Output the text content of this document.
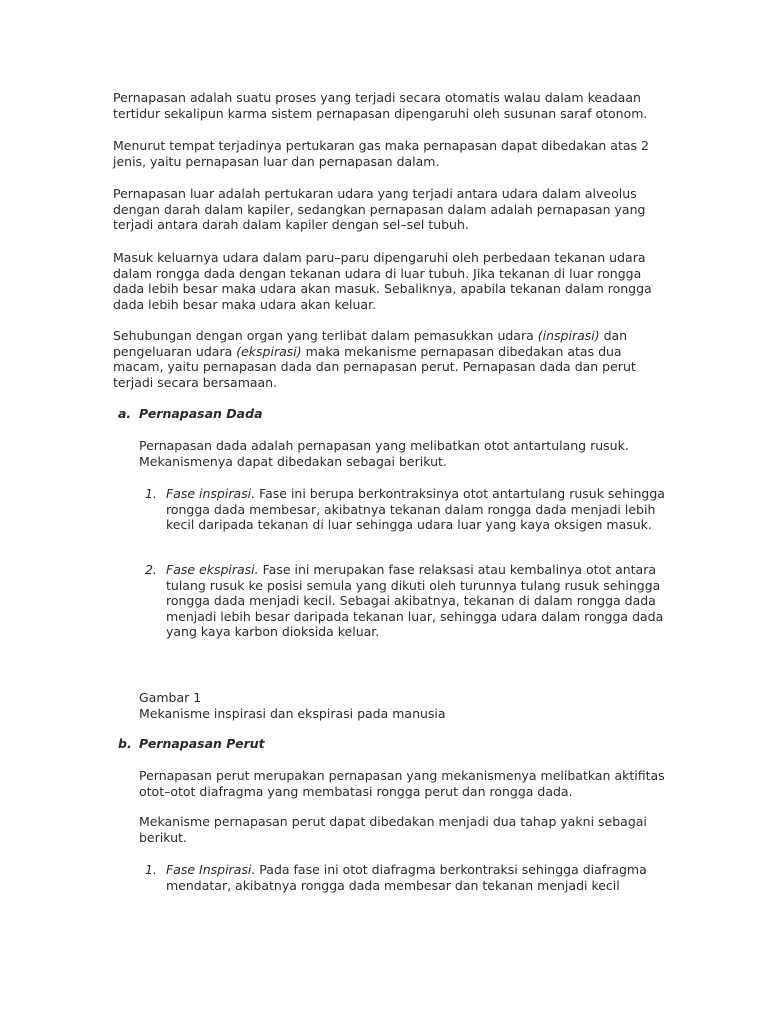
Pernapasan adalah suatu proses yang terjadi secara otomatis walau dalam keadaan tertidur sekalipun karma sistem pernapasan dipengaruhi oleh susunan saraf otonom.

Menurut tempat terjadinya pertukaran gas maka pernapasan dapat dibedakan atas 2 jenis, yaitu pernapasan luar dan pernapasan dalam.

Pernapasan luar adalah pertukaran udara yang terjadi antara udara dalam alveolus dengan darah dalam kapiler, sedangkan pernapasan dalam adalah pernapasan yang terjadi antara darah dalam kapiler dengan sel–sel tubuh.

Masuk keluarnya udara dalam paru–paru dipengaruhi oleh perbedaan tekanan udara dalam rongga dada dengan tekanan udara di luar tubuh. Jika tekanan di luar rongga dada lebih besar maka udara akan masuk. Sebaliknya, apabila tekanan dalam rongga dada lebih besar maka udara akan keluar.

Sehubungan dengan organ yang terlibat dalam pemasukkan udara (inspirasi) dan pengeluaran udara (ekspirasi) maka mekanisme pernapasan dibedakan atas dua macam, yaitu pernapasan dada dan pernapasan perut. Pernapasan dada dan perut terjadi secara bersamaan.

a. Pernapasan Dada

Pernapasan dada adalah pernapasan yang melibatkan otot antartulang rusuk. Mekanismenya dapat dibedakan sebagai berikut.

1. Fase inspirasi. Fase ini berupa berkontraksinya otot antartulang rusuk sehingga rongga dada membesar, akibatnya tekanan dalam rongga dada menjadi lebih kecil daripada tekanan di luar sehingga udara luar yang kaya oksigen masuk.
2. Fase ekspirasi. Fase ini merupakan fase relaksasi atau kembalinya otot antara tulang rusuk ke posisi semula yang dikuti oleh turunnya tulang rusuk sehingga rongga dada menjadi kecil. Sebagai akibatnya, tekanan di dalam rongga dada menjadi lebih besar daripada tekanan luar, sehingga udara dalam rongga dada yang kaya karbon dioksida keluar.
Gambar 1
Mekanisme inspirasi dan ekspirasi pada manusia
b. Pernapasan Perut

Pernapasan perut merupakan pernapasan yang mekanismenya melibatkan aktifitas otot–otot diafragma yang membatasi rongga perut dan rongga dada.

Mekanisme pernapasan perut dapat dibedakan menjadi dua tahap yakni sebagai berikut.

1. Fase Inspirasi. Pada fase ini otot diafragma berkontraksi sehingga diafragma mendatar, akibatnya rongga dada membesar dan tekanan menjadi kecil
